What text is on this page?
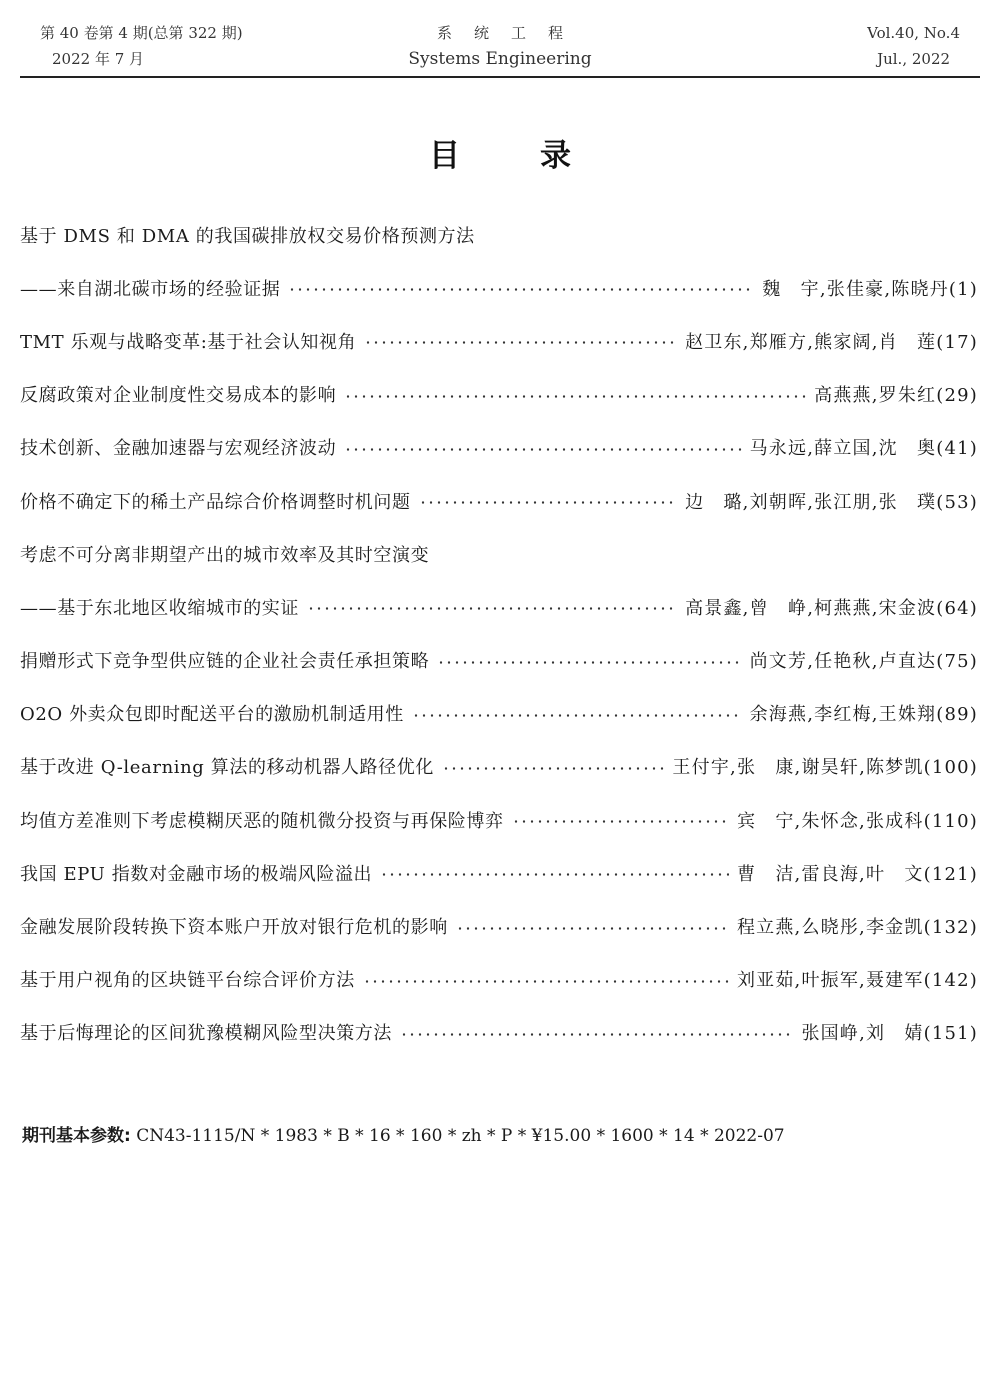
第 40 卷第 4 期(总第 322 期)
2022 年 7 月
系统工程
Systems Engineering
Vol.40, No.4
Jul., 2022
目录
基于 DMS 和 DMA 的我国碳排放权交易价格预测方法
——来自湖北碳市场的经验证据	魏　宇,张佳豪,陈晓丹(1)
TMT 乐观与战略变革:基于社会认知视角	赵卫东,郑雁方,熊家阔,肖　莲(17)
反腐政策对企业制度性交易成本的影响	高燕燕,罗朱红(29)
技术创新、金融加速器与宏观经济波动	马永远,薛立国,沈　奥(41)
价格不确定下的稀土产品综合价格调整时机问题	边　璐,刘朝晖,张江朋,张　璞(53)
考虑不可分离非期望产出的城市效率及其时空演变
——基于东北地区收缩城市的实证	高景鑫,曾　峥,柯燕燕,宋金波(64)
捐赠形式下竞争型供应链的企业社会责任承担策略	尚文芳,任艳秋,卢直达(75)
O2O 外卖众包即时配送平台的激励机制适用性	余海燕,李红梅,王姝翔(89)
基于改进 Q-learning 算法的移动机器人路径优化	王付宇,张　康,谢昊轩,陈梦凯(100)
均值方差准则下考虑模糊厌恶的随机微分投资与再保险博弈	宾　宁,朱怀念,张成科(110)
我国 EPU 指数对金融市场的极端风险溢出	曹　洁,雷良海,叶　文(121)
金融发展阶段转换下资本账户开放对银行危机的影响	程立燕,么晓彤,李金凯(132)
基于用户视角的区块链平台综合评价方法	刘亚茹,叶振军,聂建军(142)
基于后悔理论的区间犹豫模糊风险型决策方法	张国峥,刘　婧(151)
期刊基本参数: CN43-1115/N * 1983 * B * 16 * 160 * zh * P * ¥15.00 * 1600 * 14 * 2022-07
